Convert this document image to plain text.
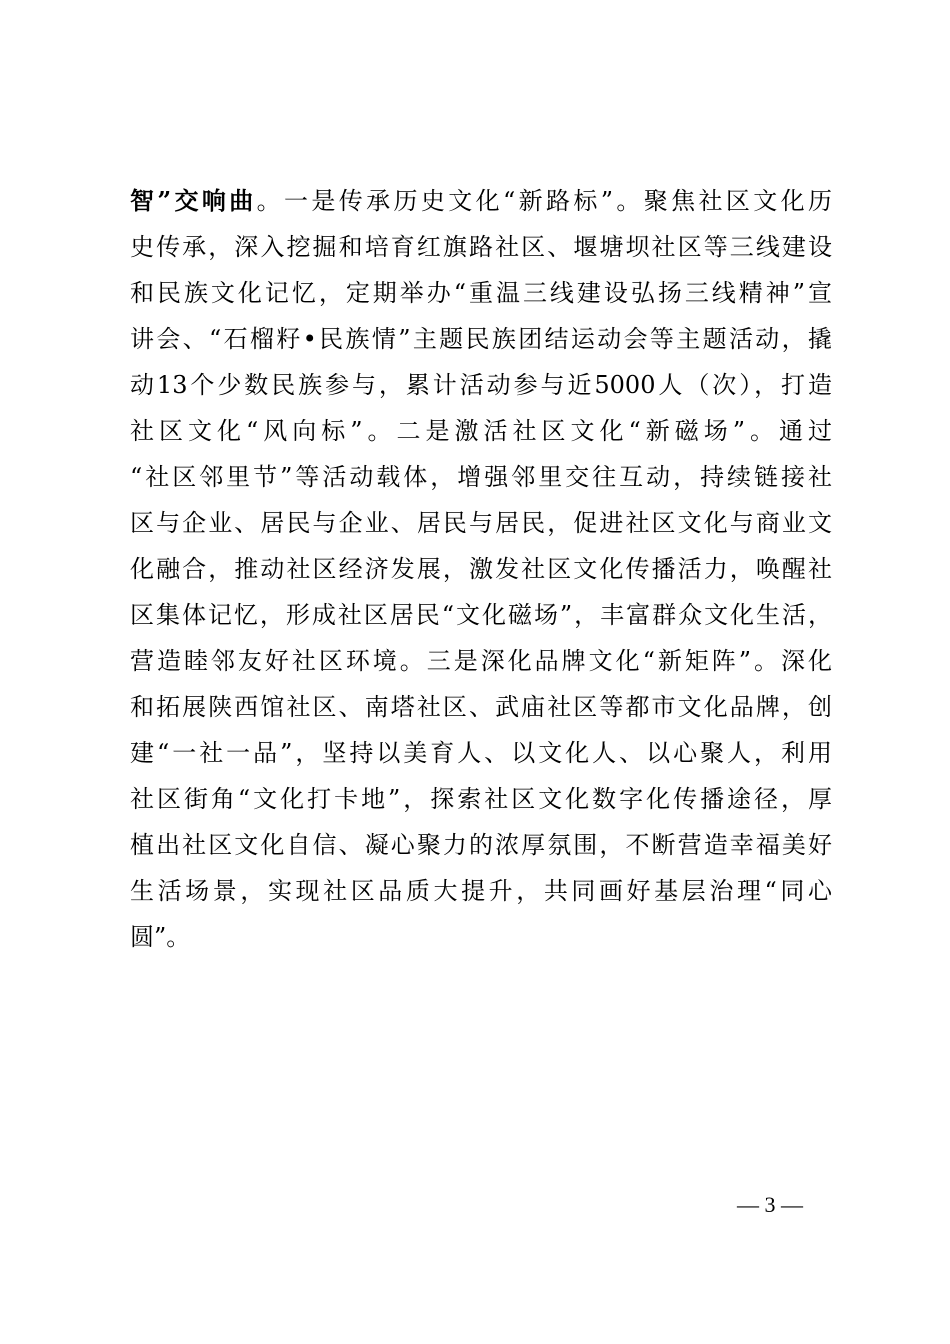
智”交响曲。一是传承历史文化“新路标”。聚焦社区文化历
史传承，深入挖掘和培育红旗路社区、堰塘坝社区等三线建设
和民族文化记忆，定期举办“重温三线建设弘扬三线精神”宣
讲会、“石榴籽•民族情”主题民族团结运动会等主题活动，撬
动13个少数民族参与，累计活动参与近5000人（次），打造
社区文化“风向标”。二是激活社区文化“新磁场”。通过
“社区邻里节”等活动载体，增强邻里交往互动，持续链接社
区与企业、居民与企业、居民与居民，促进社区文化与商业文
化融合，推动社区经济发展，激发社区文化传播活力，唤醒社
区集体记忆，形成社区居民“文化磁场”，丰富群众文化生活，
营造睦邻友好社区环境。三是深化品牌文化“新矩阵”。深化
和拓展陕西馆社区、南塔社区、武庙社区等都市文化品牌，创
建“一社一品”，坚持以美育人、以文化人、以心聚人，利用
社区街角“文化打卡地”，探索社区文化数字化传播途径，厚
植出社区文化自信、凝心聚力的浓厚氛围，不断营造幸福美好
生活场景，实现社区品质大提升，共同画好基层治理“同心
圆”。
— 3 —
